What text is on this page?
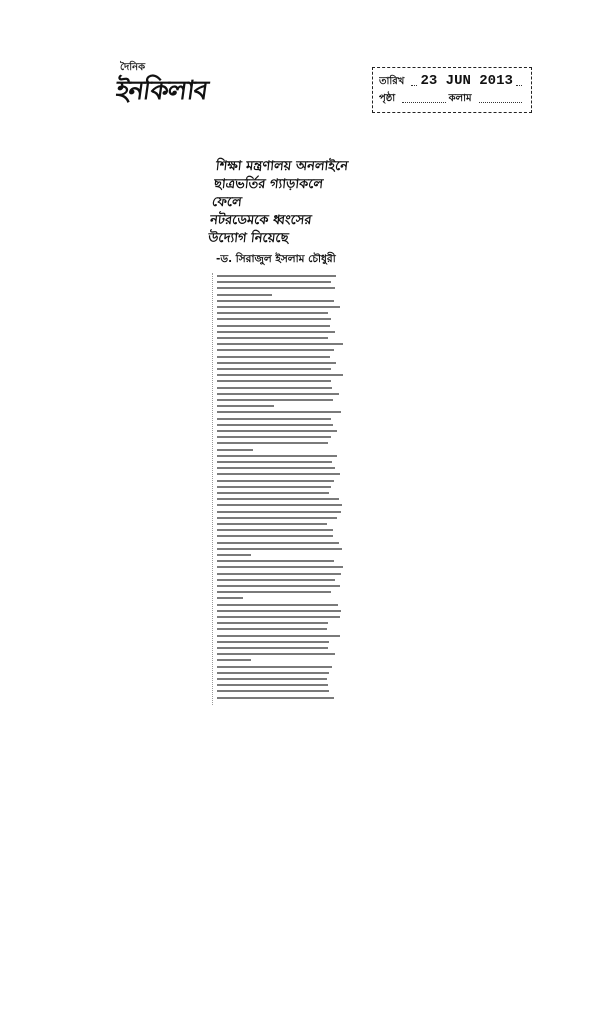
দৈনিক
ইনকিলাব	তারিখ 23 JUN 2013
পৃষ্ঠা	কলাম
শিক্ষা মন্ত্রণালয় অনলাইনে
ছাত্রভর্তির গ্যাড়াকলে ফেলে
নটরডেমকে ধ্বংসের
উদ্যোগ নিয়েছে
-ড. সিরাজুল ইসলাম চৌধুরী
